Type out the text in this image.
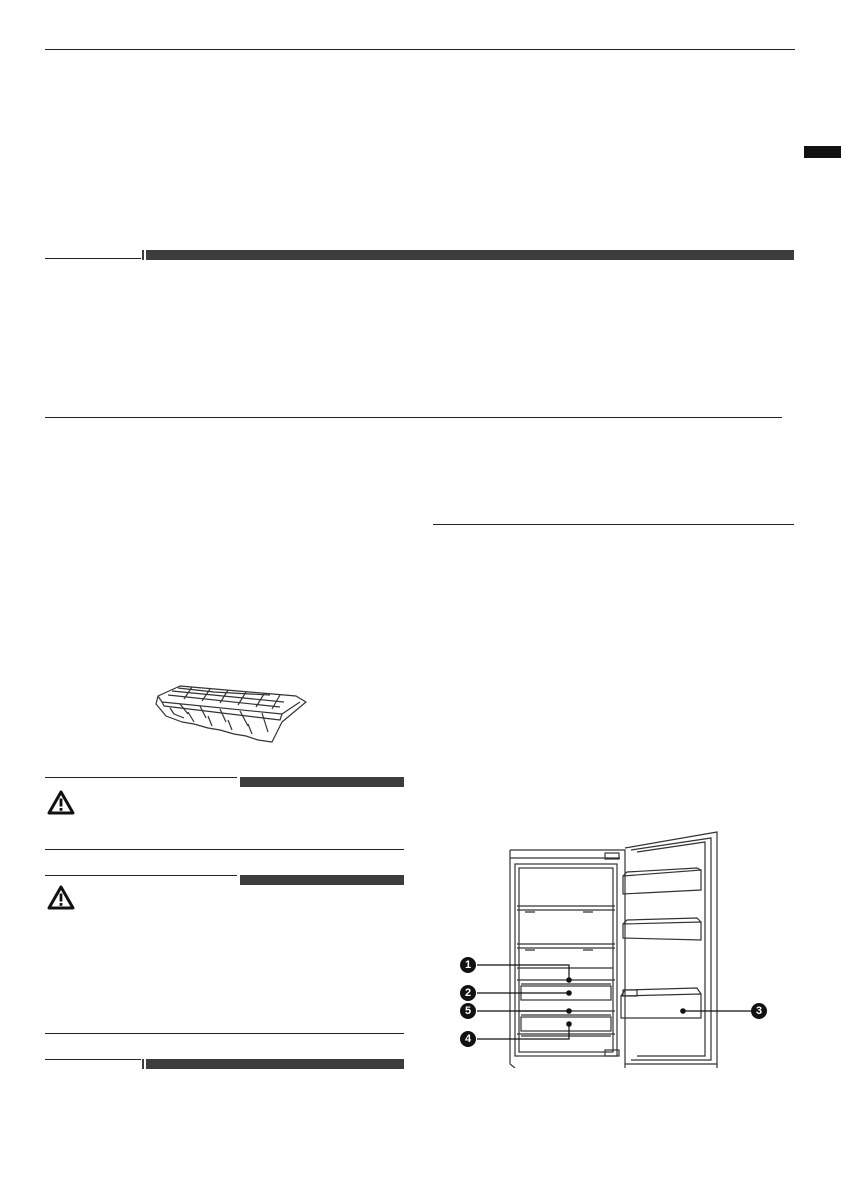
1
2
5
4
3
